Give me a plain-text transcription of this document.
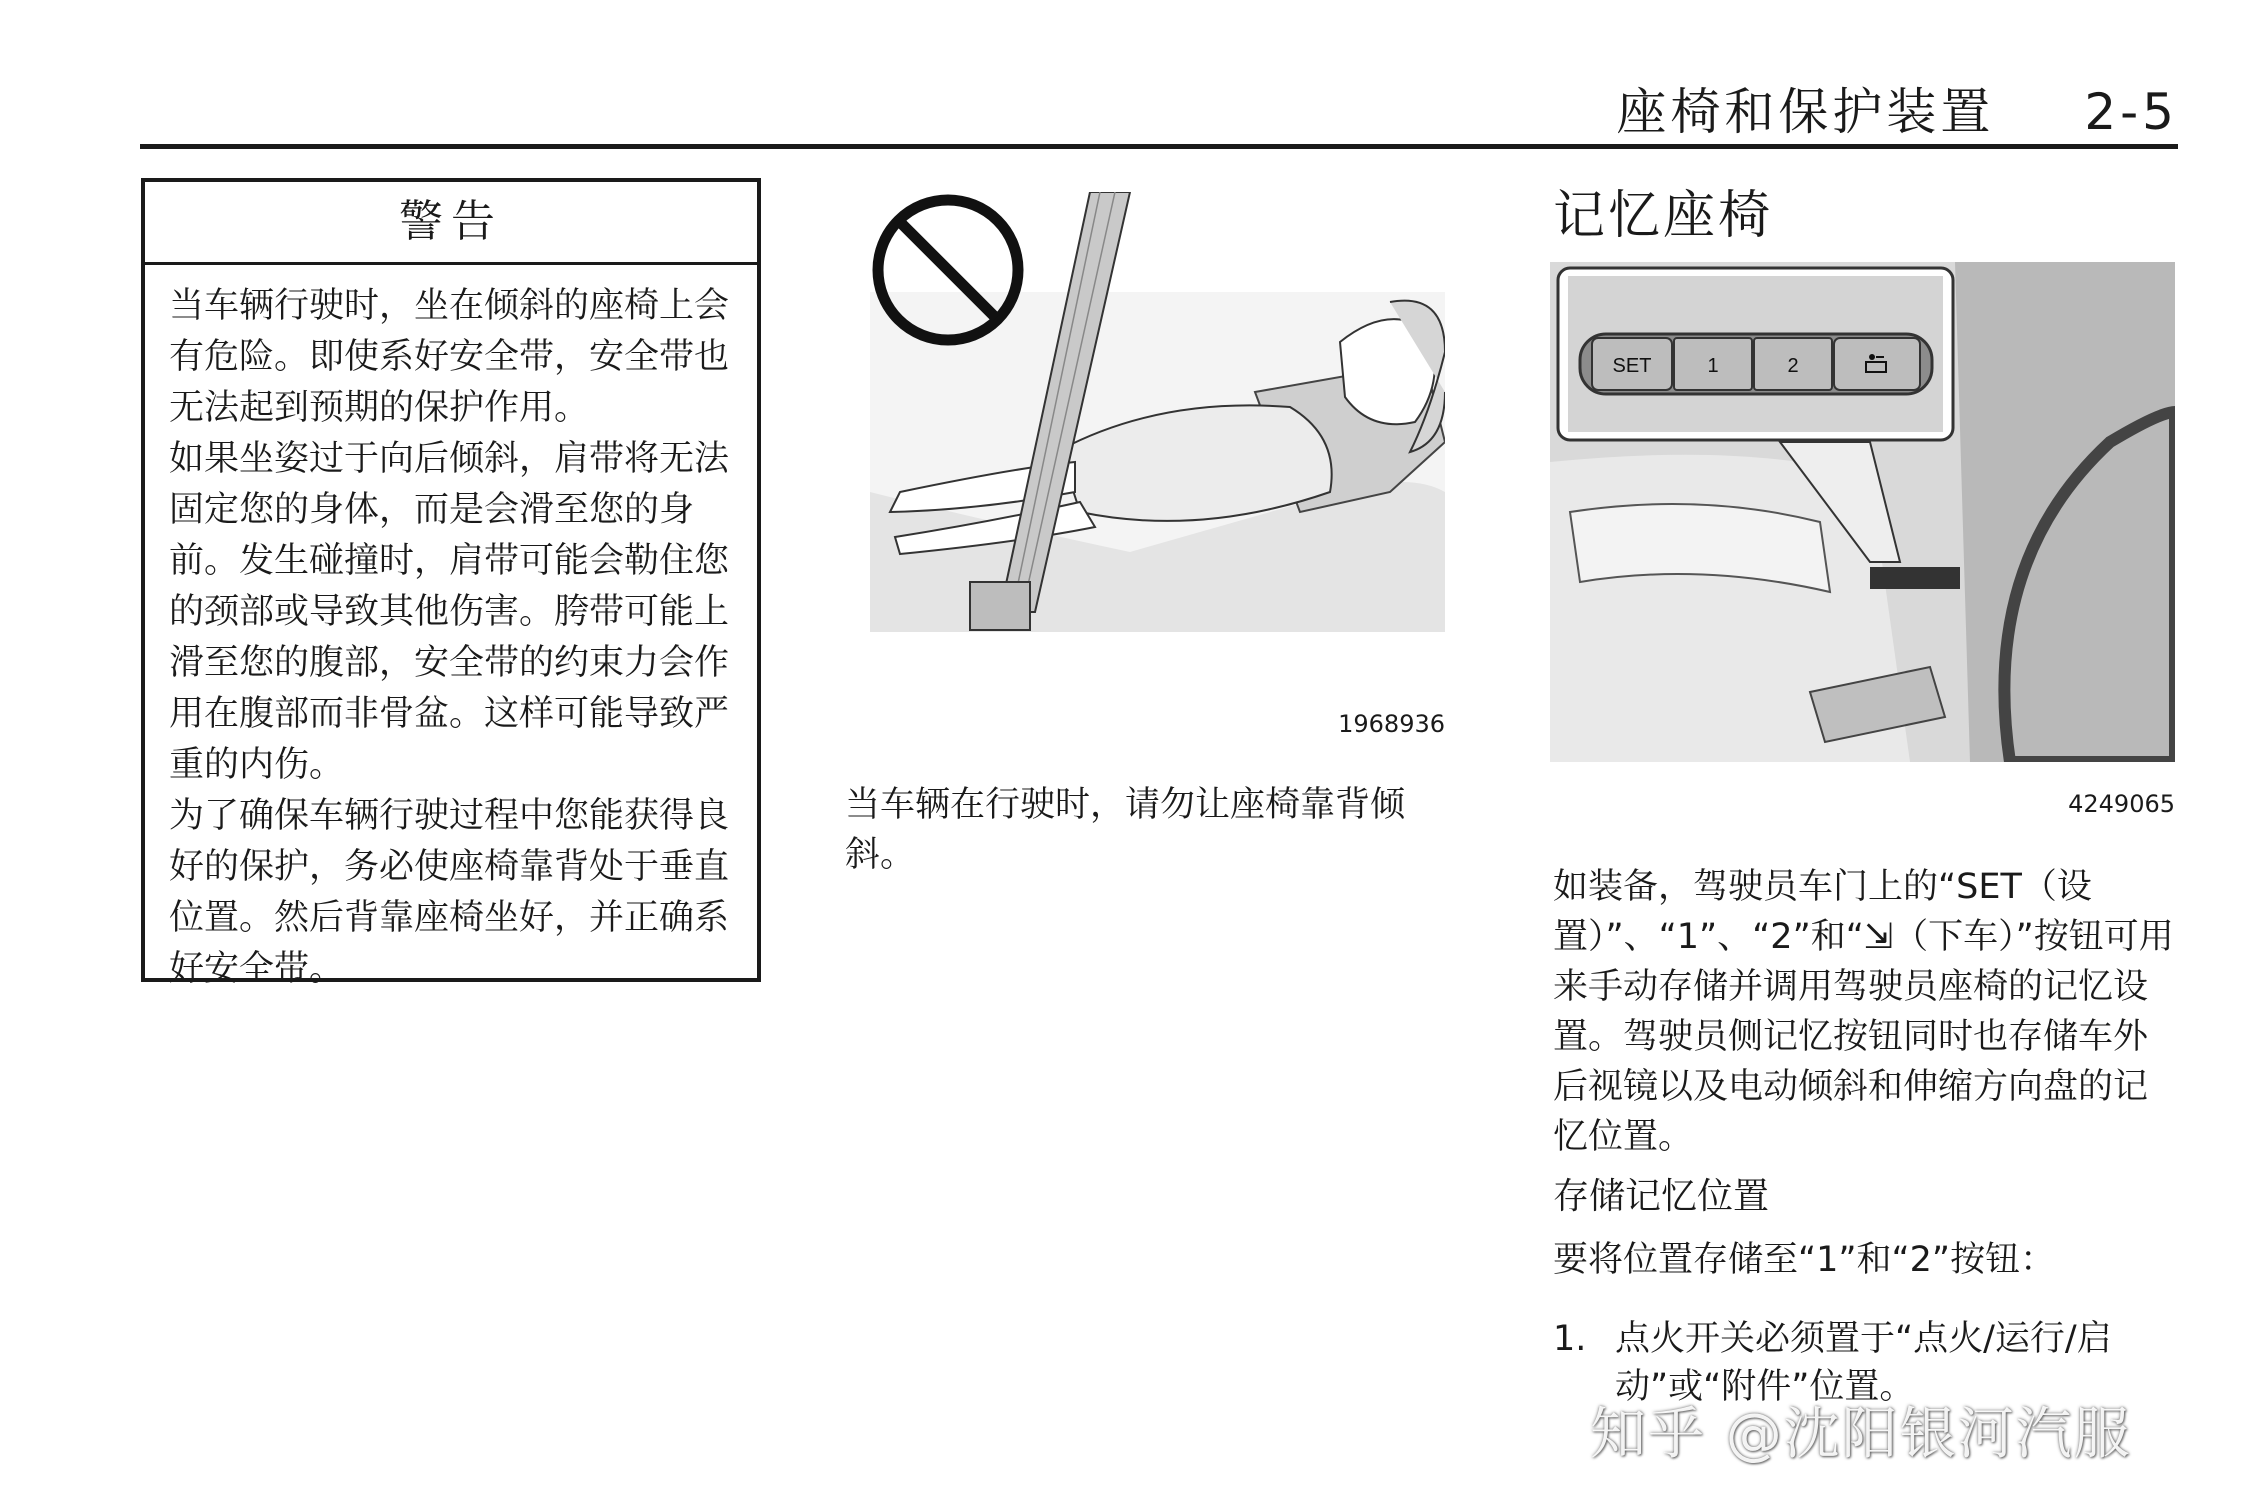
座椅和保护装置 2-5
警告

当车辆行驶时，坐在倾斜的座椅上会有危险。即使系好安全带，安全带也无法起到预期的保护作用。

如果坐姿过于向后倾斜，肩带将无法固定您的身体，而是会滑至您的身前。发生碰撞时，肩带可能会勒住您的颈部或导致其他伤害。胯带可能上滑至您的腹部，安全带的约束力会作用在腹部而非骨盆。这样可能导致严重的内伤。

为了确保车辆行驶过程中您能获得良好的保护，务必使座椅靠背处于垂直位置。然后背靠座椅坐好，并正确系好安全带。

1968936

当车辆在行驶时，请勿让座椅靠背倾斜。

记忆座椅
SET	1	2
4249065

如装备，驾驶员车门上的“SET（设置）”、“1”、“2”和“⇲（下车）”按钮可用来手动存储并调用驾驶员座椅的记忆设置。驾驶员侧记忆按钮同时也存储车外后视镜以及电动倾斜和伸缩方向盘的记忆位置。

存储记忆位置

要将位置存储至“1”和“2”按钮：

1. 点火开关必须置于“点火/运行/启动”或“附件”位置。
知乎 @沈阳银河汽服
